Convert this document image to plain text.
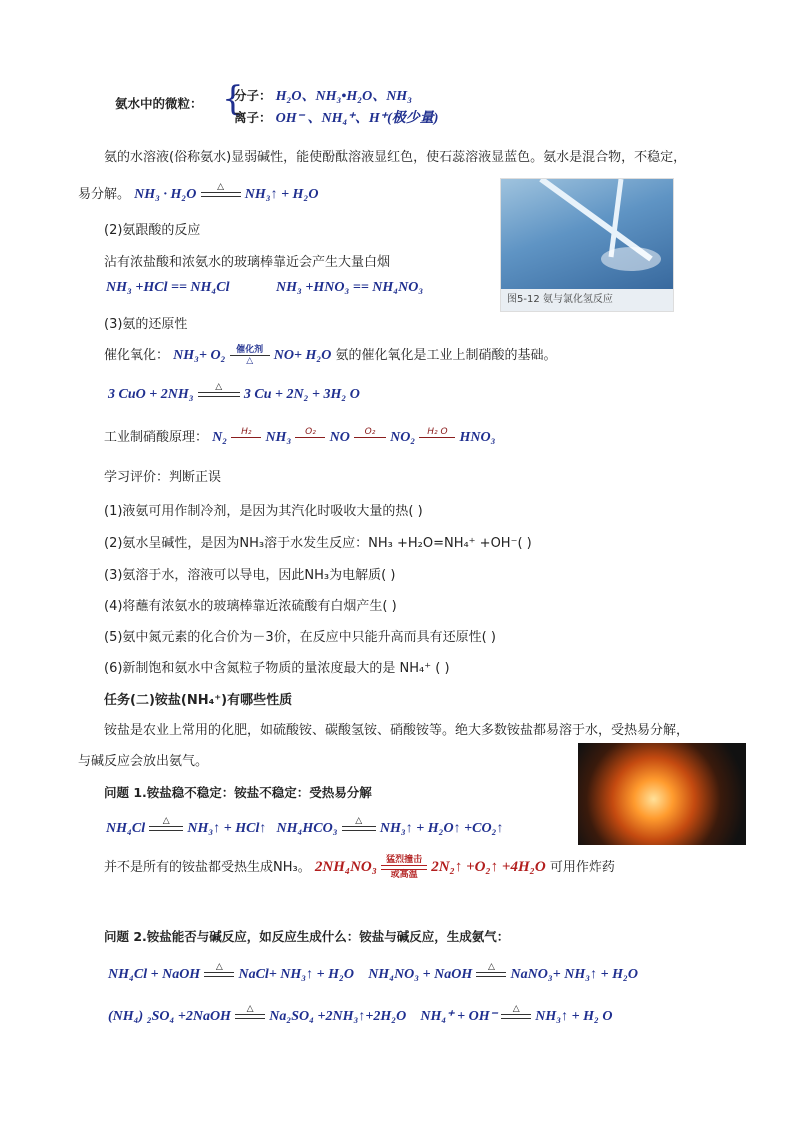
氨水中的微粒： {
分子： H₂O、NH₃•H₂O、NH₃
离子： OH⁻ 、NH₄⁺、H⁺(极少量)
氨的水溶液(俗称氨水)显弱碱性，能使酚酞溶液显红色，使石蕊溶液显蓝色。氨水是混合物，不稳定，
易分解。 NH₃ · H₂O	△
	NH₃↑ + H₂O
图5-12 氨与氯化氢反应
(2)氨跟酸的反应
沾有浓盐酸和浓氨水的玻璃棒靠近会产生大量白烟
NH₃ +HCl == NH₄Cl	NH₃ +HNO₃ == NH₄NO₃
(3)氨的还原性
催化氧化： NH₃+ O₂	催化剂
△	NO+ H₂O 氨的催化氧化是工业上制硝酸的基础。
3 CuO + 2NH₃	△
	3 Cu + 2N₂ + 3H₂ O
工业制硝酸原理： N₂	H₂
NH₃	O₂
NO	O₂
	NO₂	H₂ O
HNO₃
学习评价：判断正误
(1)液氨可用作制冷剂，是因为其汽化时吸收大量的热( )
(2)氨水呈碱性，是因为NH₃溶于水发生反应：NH₃ +H₂O=NH₄⁺ +OH⁻( )
(3)氨溶于水，溶液可以导电，因此NH₃为电解质( )
(4)将蘸有浓氨水的玻璃棒靠近浓硫酸有白烟产生( )
(5)氨中氮元素的化合价为－3价，在反应中只能升高而具有还原性( )
(6)新制饱和氨水中含氮粒子物质的量浓度最大的是 NH₄⁺ ( )
任务(二)铵盐(NH₄⁺)有哪些性质
铵盐是农业上常用的化肥，如硫酸铵、碳酸氢铵、硝酸铵等。绝大多数铵盐都易溶于水，受热易分解，
与碱反应会放出氨气。
问题 1.铵盐稳不稳定：铵盐不稳定：受热易分解
NH₄Cl	△
	NH₃↑ + HCl↑ NH₄HCO₃	△
	NH₃↑ + H₂O↑ +CO₂↑
并不是所有的铵盐都受热生成NH₃。 2NH₄NO₃	猛烈撞击
或高温 2N₂↑ +O₂↑ +4H₂O 可用作炸药
问题 2.铵盐能否与碱反应，如反应生成什么：铵盐与碱反应，生成氨气：
NH₄Cl + NaOH	△
	NaCl+ NH₃↑ + H₂O NH₄NO₃ + NaOH	△
	NaNO₃+ NH₃↑ + H₂O
(NH₄) ₂SO₄ +2NaOH	△
	Na₂SO₄ +2NH₃↑+2H₂O NH₄⁺ + OH⁻	△
	NH₃↑ + H₂ O
